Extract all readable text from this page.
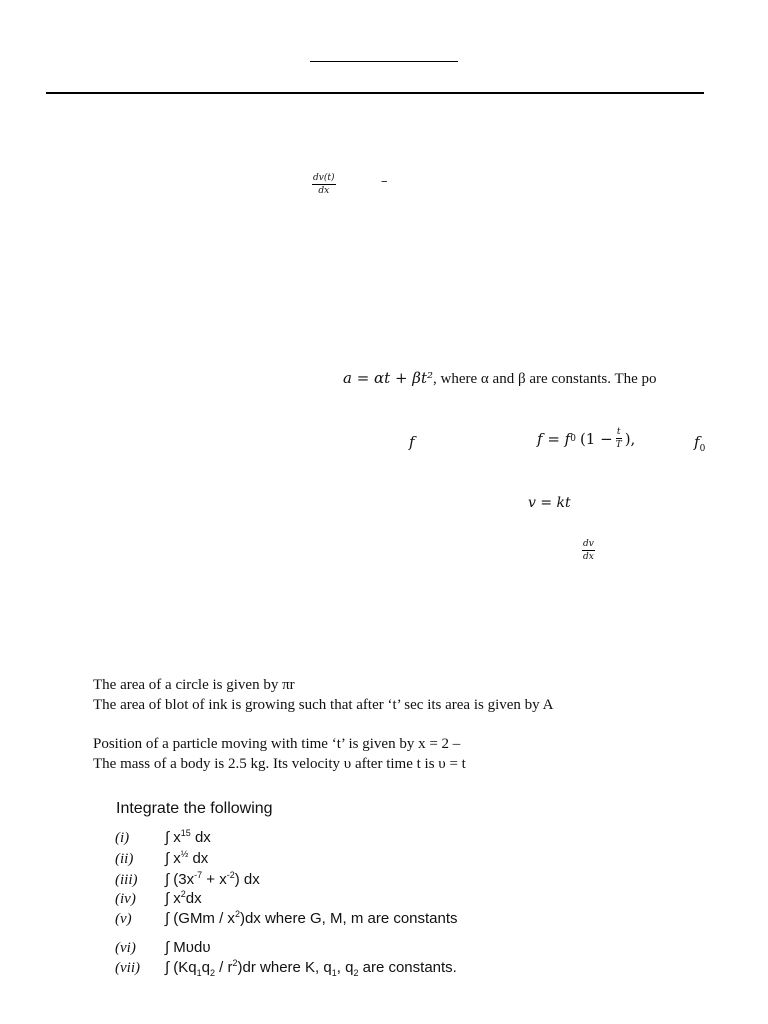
$\frac{dv(t)}{dx}$	–
a = αt + βt², where α and β are constants. The po
f	f = f 0 ($1 - \frac{t}{T}$ ),	$f_0$
v = kt
$\frac{dv}{dx}$
The area of a circle is given by πr
The area of blot of ink is growing such that after ‘t’ sec its area is given by A
Position of a particle moving with time ‘t’ is given by x = 2 –
The mass of a body is 2.5 kg. Its velocity υ after time t is υ = t
Integrate the following
(i)	∫ $x^{15}$ dx
(ii)	∫ $x^{\frac{1}{2}}$ dx
(iii)	∫ $(3x^{-7} + x^{-2})$ dx
(iv)	∫ $x^2dx$
(v)	∫ $(GMm / x^2)dx$ where G, M, m are constants
(vi)	∫ Mυdυ
(vii)	∫ $(Kq_1q_2 / r^2)dr$ where K, $q_1$, $q_2$ are constants.
